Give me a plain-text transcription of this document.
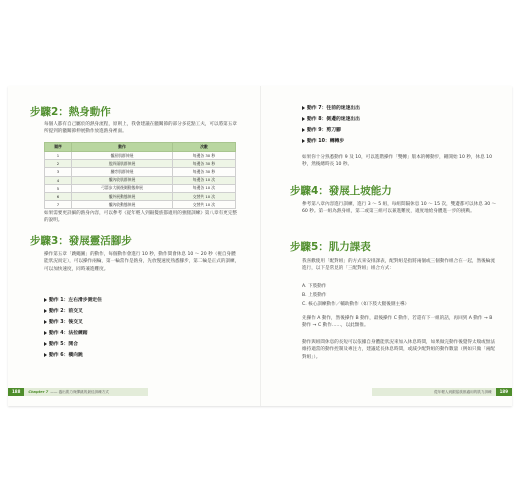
步驟2：熱身動作
每個人都有自己屬於的熱身流程，原則上，我會建議在髖關節的部分多花點工夫，可以將第五章所提到的髖關節伸展動作放進熱身裡面。
順序	動作	次數
1	髖屈肌群伸展	每邊各 30 秒
2	股四頭肌群伸展	每邊各 30 秒
3	膕旁肌群伸展	每邊各 30 秒
4	髖內收肌群伸展	每邊各 10 次
5	弓箭步大腿後側動態伸展	每邊各 10 次
6	髖外展動態伸展	交替共 10 次
7	髖內收動態伸展	交替共 10 次
如果需要更詳細的熱身內容，可以參考《從年輕人到銀髮族都適用的強腿訓練》第八章有更完整的說明。
步驟3：發展靈活腳步
操作第五章「跳繩圖」的動作，每個動作會進行 10 秒，動作間會休息 10 ～ 20 秒（視自身體能狀況而定），可以操作兩輪，第一輪當作是熱身，先放慢速度熟悉腳步，第二輪是正式的訓練，可以加快速度，同時兼進難度。
動作 1：左右滑步側定住
動作 2：前交叉
動作 3：後交叉
動作 4：法拉練踏
動作 5：開合
動作 6：橫向跳
188	Chapter 7 —— 養出肌力與彈跳的最佳訓練方式
動作 7：往前的迷速出出
動作 8：側邊的迷速出出
動作 9：剪刀腳
動作 10：轉轉步
如果你十分熟悉動作 9 及 10，可以進階操作「雙轉」版本的轉動步，剛開始 10 秒，休息 10 秒，然後總時長 10 秒。
步驟4：發展上坡能力
參考第八章內容進行訓練，進行 3 ～ 5 組，每組間隔休息 10 ～ 15 次，雙邊都可以休息 30 ～ 60 秒。第一組為熱身組，第二或第三組可以兼進難度，適度地給身體進一步的挑戰。
步驟5：肌力課表
我喜歡使用「配對組」的方式來安排課表，配對組是指將兩個或三個動作組合在一起，然後輪流進行，以下是常見的「三配對組」組合方式：
A. 下肢動作
B. 上肢動作
C. 核心訓練動作／輔助動作（如下肢大腿後側主導）
先操作 A 動作，然後操作 B 動作，最後操作 C 動作，若還有下一組的話，再回到 A 動作 → B 動作 → C 動作……，以此類推。
動作與組間休息的長短可以依據自身體能狀況來加入休息時間，如果做完動作後覺得太喘或無法維持適當的動作控制及專注力，建議延長休息時間，或減少配對組的動作數量（例如只做「兩配對組」）。
從年輕人到銀髮族都適用的肌力訓練	189
